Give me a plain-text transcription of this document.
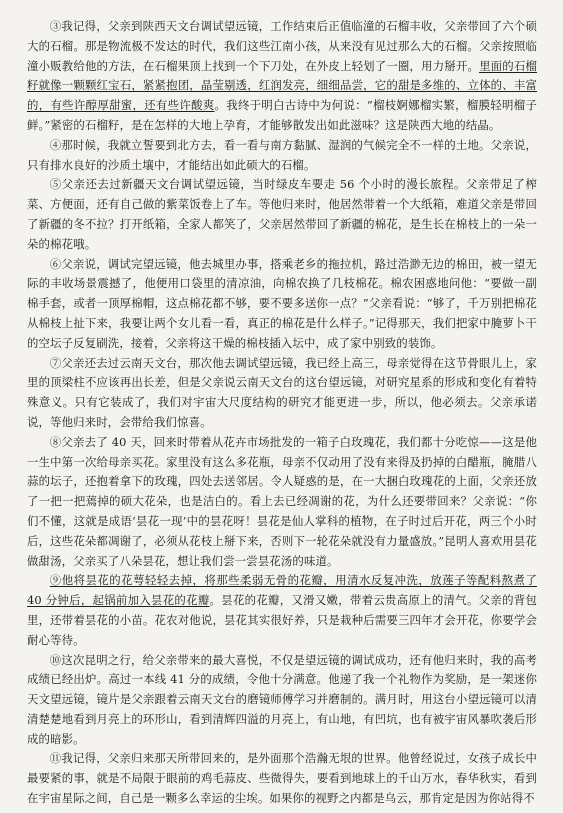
③我记得，父亲到陕西天文台调试望远镜，工作结束后正值临潼的石榴丰收，父亲带回了六个硕大的石榴。那是物流极不发达的时代，我们这些江南小孩，从来没有见过那么大的石榴。父亲按照临潼小贩教给他的方法，在石榴果顶上找到一个下刀处，在外皮上轻划了一圈，用力掰开。里面的石榴籽就像一颗颗红宝石，紧紧抱团，晶莹剔透，红润发亮，细细品尝，它的甜是多维的、立体的、丰富的，有些许醇厚甜蜜，还有些许酸爽。我终于明白古诗中为何说：“榴枝婀娜榴实繁，榴膜轻明榴子鲜。”紧密的石榴籽，是在怎样的大地上孕育，才能够散发出如此滋味？这是陕西大地的结晶。

④那时候，我就立誓要到北方去，看一看与南方黏腻、湿润的气候完全不一样的土地。父亲说，只有排水良好的沙质土壤中，才能结出如此硕大的石榴。

⑤父亲还去过新疆天文台调试望远镜，当时绿皮车要走 56 个小时的漫长旅程。父亲带足了榨菜、方便面，还有自己做的紫菜饭卷上了车。等他归来时，他居然带着一个大纸箱，难道父亲是带回了新疆的冬不拉？打开纸箱，全家人都笑了，父亲居然带回了新疆的棉花，是生长在棉枝上的一朵一朵的棉花哦。

⑥父亲说，调试完望远镜，他去城里办事，搭乘老乡的拖拉机，路过浩渺无边的棉田，被一望无际的丰收场景震撼了，他便用口袋里的清凉油，向棉农换了几枝棉花。棉农困惑地问他：“要做一副棉手套，或者一顶厚棉帽，这点棉花都不够，要不要多送你一点？”父亲看说：“够了，千万别把棉花从棉枝上扯下来，我要让两个女儿看一看，真正的棉花是什么样子。”记得那天，我们把家中腌萝卜干的空坛子反复刷洗，接着，父亲将这干燥的棉枝插入坛中，成了家中别致的装饰。

⑦父亲还去过云南天文台，那次他去调试望远镜，我已经上高三，母亲觉得在这节骨眼儿上，家里的顶梁柱不应该再出长差，但是父亲说云南天文台的这台望远镜，对研究星系的形成和变化有着特殊意义。只有它装成了，我们对宇宙大尺度结构的研究才能更进一步，所以，他必须去。父亲承诺说，等他归来时，会带给我们惊喜。

⑧父亲去了 40 天，回来时带着从花卉市场批发的一箱子白玫瑰花，我们都十分吃惊——这是他一生中第一次给母亲买花。家里没有这么多花瓶，母亲不仅动用了没有来得及扔掉的白醋瓶，腌腊八蒜的坛子，还抱着拿下的玫瑰，四处去送邻居。令人疑惑的是，在一大捆白玫瑰花的上面，父亲还放了一把一把蔫掉的硕大花朵，也是洁白的。看上去已经凋谢的花，为什么还要带回来？父亲说：“你们不懂，这就是成语‘昙花一现’中的昙花呀！昙花是仙人掌科的植物，在子时过后开花，两三个小时后，这些花朵都凋谢了，必须从花枝上掰下来，否则下一轮花朵就没有力量盛放。”昆明人喜欢用昙花做甜汤，父亲买了八朵昙花，想让我们尝一尝昙花汤的味道。

⑨他将昙花的花萼轻轻去掉，将那些柔弱无骨的花瓣，用清水反复冲洗，放莲子等配料熬煮了 40 分钟后，起锅前加入昙花的花瓣。昙花的花瓣，又滑又嫩，带着云贵高原上的清气。父亲的背包里，还带着昙花的小苗。花农对他说，昙花其实很好养，只是栽种后需要三四年才会开花，你要学会耐心等待。

⑩这次昆明之行，给父亲带来的最大喜悦，不仅是望远镜的调试成功，还有他归来时，我的高考成绩已经出炉。高过一本线 41 分的成绩，令他十分满意。他递了我一个礼物作为奖励，是一架迷你天文望远镜，镜片是父亲跟着云南天文台的磨镜师傅学习并磨制的。满月时，用这台小望远镜可以清清楚楚地看到月亮上的环形山，看到清辉四溢的月亮上，有山地，有凹坑，也有被宇宙风暴吹袭后形成的暗影。

⑪我记得，父亲归来那天所带回来的，是外面那个浩瀚无垠的世界。他曾经说过，女孩子成长中最要紧的事，就是不局限于眼前的鸡毛蒜皮、些微得失，要看到地球上的千山万水，春华秋实，看到在宇宙星际之间，自己是一颗多么幸运的尘埃。如果你的视野之内都是乌云，那肯定是因为你站得不
